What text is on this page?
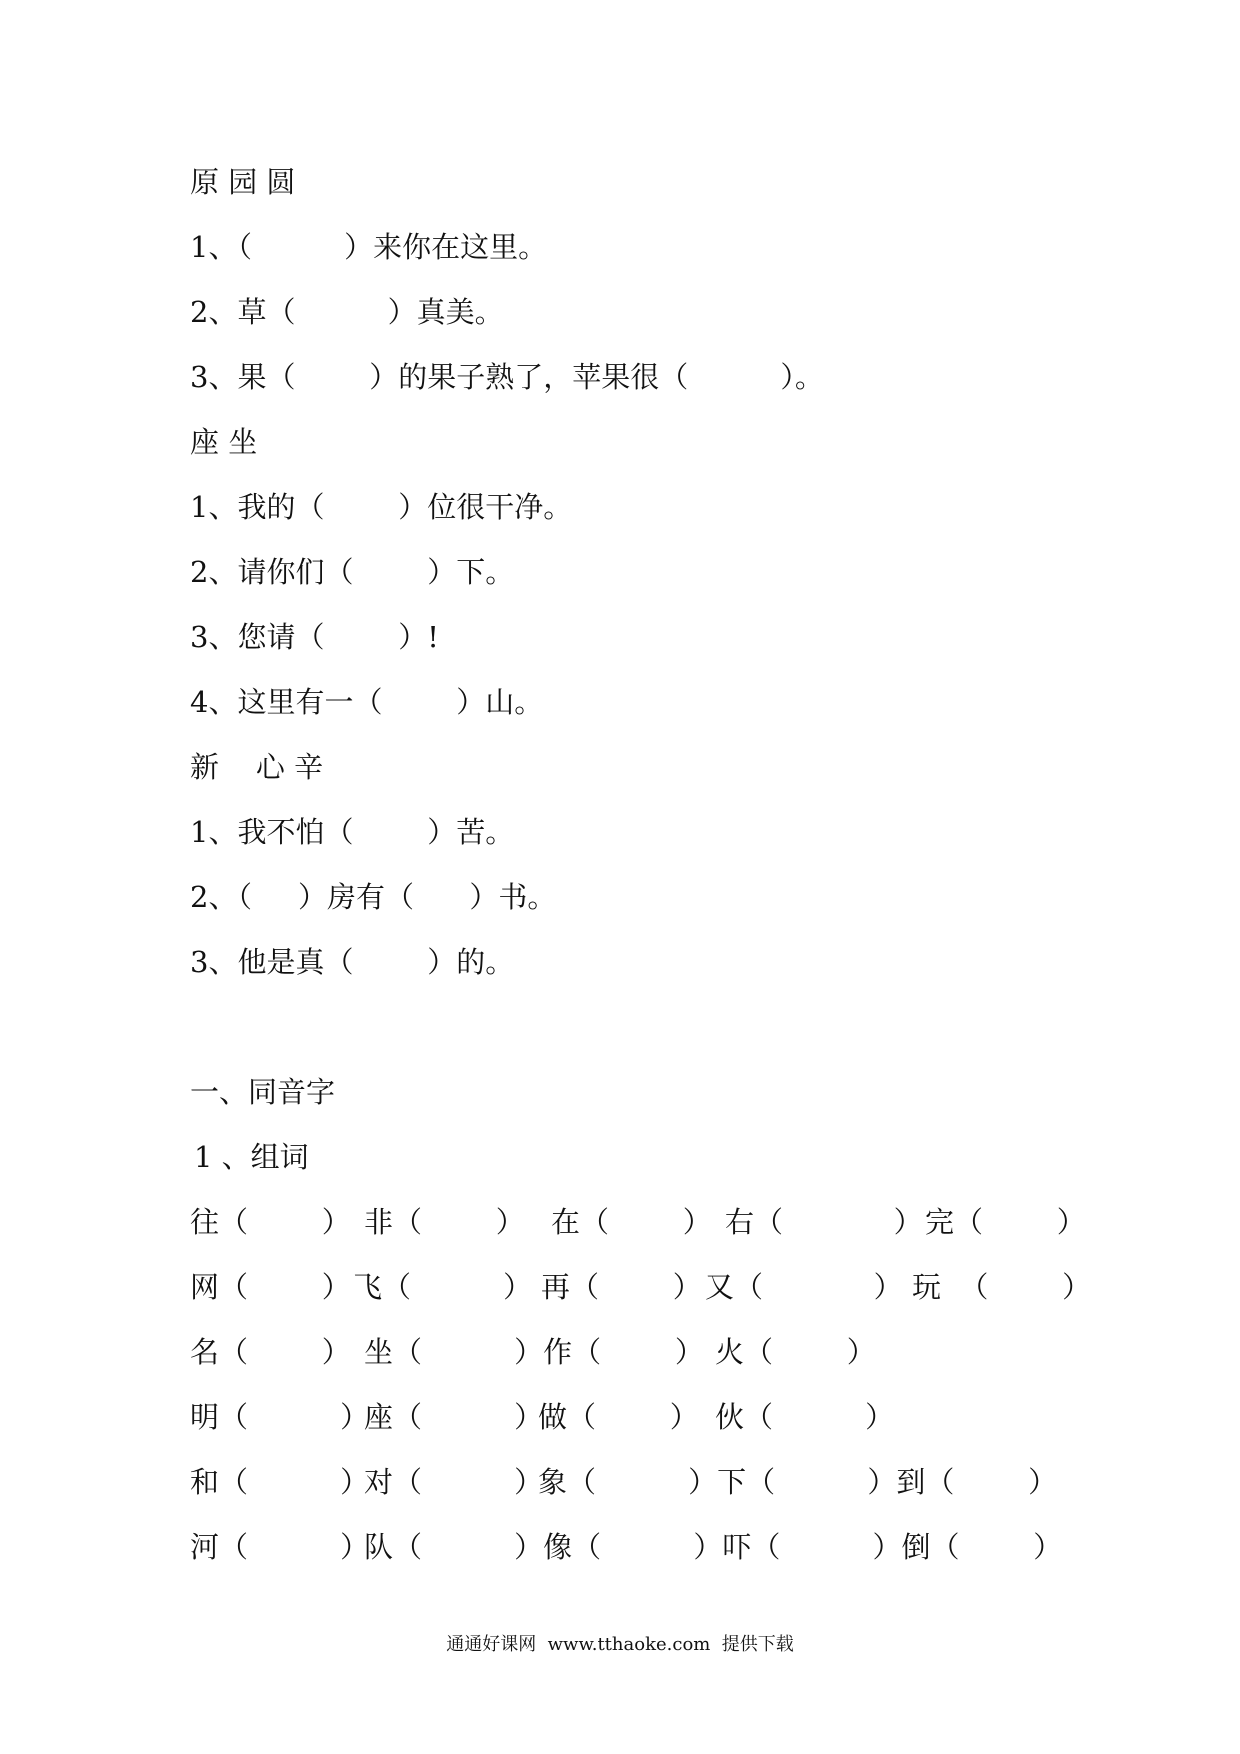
原 园 圆
1、（          ）来你在这里。
2、草（          ）真美。
3、果（        ）的果子熟了，苹果很（          ）。
座 坐
1、我的（        ）位很干净。
2、请你们（        ）下。
3、您请（        ）!
4、这里有一（        ）山。
新    心 辛
1、我不怕（        ）苦。
2、（     ）房有（      ）书。
3、他是真（        ）的。
一、同音字
1 、组词
往（        ） 非（        ） 在（        ） 右（            ） 完（        ）
网（        ） 飞（          ） 再（        ） 又（            ） 玩  （        ）
名（        ） 坐（          ）作（        ） 火（        ）
明（          ）
座（          ）
做（        ） 伙（          ）
和（          ）
对（          ）
象（          ）下（          ）到（        ）
河（          ）
队（          ）像（          ）吓（          ）倒（        ）
通通好课网  www.tthaoke.com  提供下载
